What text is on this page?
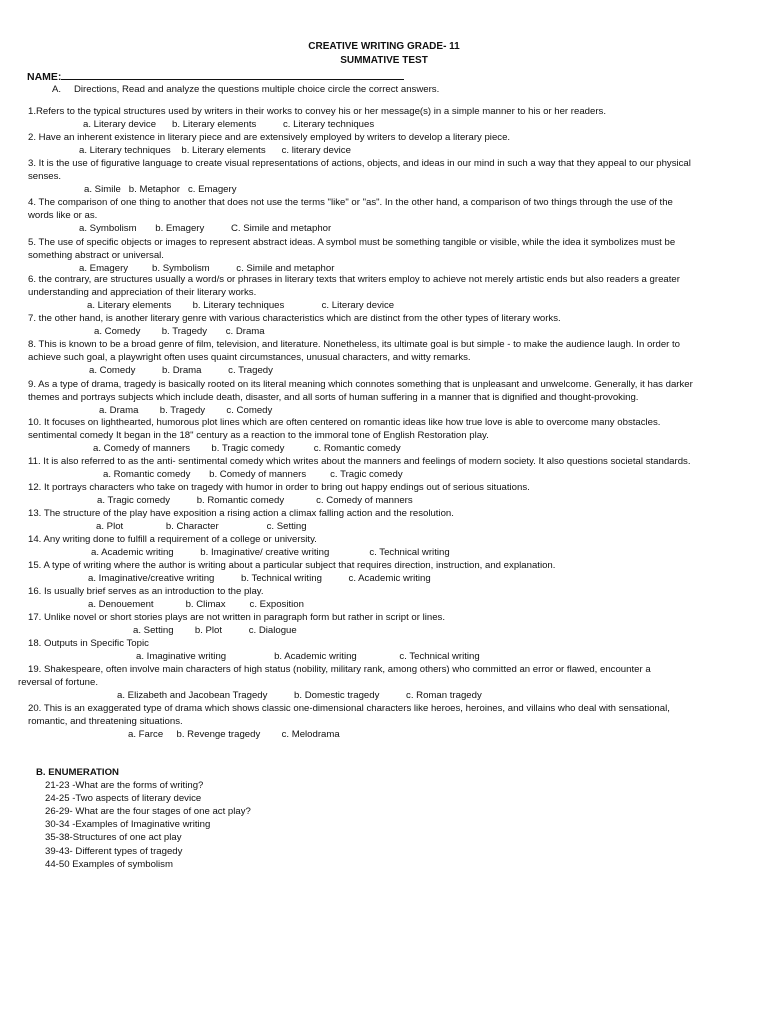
CREATIVE WRITING GRADE- 11
SUMMATIVE TEST
NAME:
A. Directions, Read and analyze the questions multiple choice circle the correct answers.
1.Refers to the typical structures used by writers in their works to convey his or her message(s) in a simple manner to his or her readers.
a. Literary device      b. Literary elements          c. Literary techniques
2. Have an inherent existence in literary piece and are extensively employed by writers to develop a literary piece.
a. Literary techniques    b. Literary elements      c. literary device
3. It is the use of figurative language to create visual representations of actions, objects, and ideas in our mind in such a way that they appeal to our physical
senses.
a. Simile   b. Metaphor   c. Emagery
4. The comparison of one thing to another that does not use the terms "like" or "as". In the other hand, a comparison of two things through the use of the
words like or as.
a. Symbolism       b. Emagery          C. Simile and metaphor
5. The use of specific objects or images to represent abstract ideas. A symbol must be something tangible or visible, while the idea it symbolizes must be
something abstract or universal.
a. Emagery         b. Symbolism          c. Simile and metaphor
6. the contrary, are structures usually a word/s or phrases in literary texts that writers employ to achieve not merely artistic ends but also readers a greater
understanding and appreciation of their literary works.
a. Literary elements        b. Literary techniques              c. Literary device
7. the other hand, is another literary genre with various characteristics which are distinct from the other types of literary works.
a. Comedy        b. Tragedy       c. Drama
8. This is known to be a broad genre of film, television, and literature. Nonetheless, its ultimate goal is but simple - to make the audience laugh. In order to
achieve such goal, a playwright often uses quaint circumstances, unusual characters, and witty remarks.
a. Comedy          b. Drama          c. Tragedy
9. As a type of drama, tragedy is basically rooted on its literal meaning which connotes something that is unpleasant and unwelcome. Generally, it has darker
themes and portrays subjects which include death, disaster, and all sorts of human suffering in a manner that is dignified and thought-provoking.
a. Drama        b. Tragedy        c. Comedy
10. It focuses on lighthearted, humorous plot lines which are often centered on romantic ideas like how true love is able to overcome many obstacles.
sentimental comedy It began in the 18" century as a reaction to the immoral tone of English Restoration play.
a. Comedy of manners        b. Tragic comedy           c. Romantic comedy
11. It is also referred to as the anti- sentimental comedy which writes about the manners and feelings of modern society. It also questions societal standards.
a. Romantic comedy       b. Comedy of manners         c. Tragic comedy
12. It portrays characters who take on tragedy with humor in order to bring out happy endings out of serious situations.
a. Tragic comedy          b. Romantic comedy            c. Comedy of manners
13. The structure of the play have exposition a rising action a climax falling action and the resolution.
a. Plot                b. Character                  c. Setting
14. Any writing done to fulfill a requirement of a college or university.
a. Academic writing          b. Imaginative/ creative writing               c. Technical writing
15. A type of writing where the author is writing about a particular subject that requires direction, instruction, and explanation.
a. Imaginative/creative writing          b. Technical writing          c. Academic writing
16. Is usually brief serves as an introduction to the play.
a. Denouement            b. Climax         c. Exposition
17. Unlike novel or short stories plays are not written in paragraph form but rather in script or lines.
a. Setting        b. Plot          c. Dialogue
18. Outputs in Specific Topic
a. Imaginative writing                  b. Academic writing                c. Technical writing
19. Shakespeare, often involve main characters of high status (nobility, military rank, among others) who committed an error or flawed, encounter a
reversal of fortune.
a. Elizabeth and Jacobean Tragedy          b. Domestic tragedy          c. Roman tragedy
20. This is an exaggerated type of drama which shows classic one-dimensional characters like heroes, heroines, and villains who deal with sensational,
romantic, and threatening situations.
a. Farce     b. Revenge tragedy        c. Melodrama
B. ENUMERATION
21-23 -What are the forms of writing?
24-25 -Two aspects of literary device
26-29- What are the four stages of one act play?
30-34 -Examples of Imaginative writing
35-38-Structures of one act play
39-43- Different types of tragedy
44-50 Examples of symbolism
